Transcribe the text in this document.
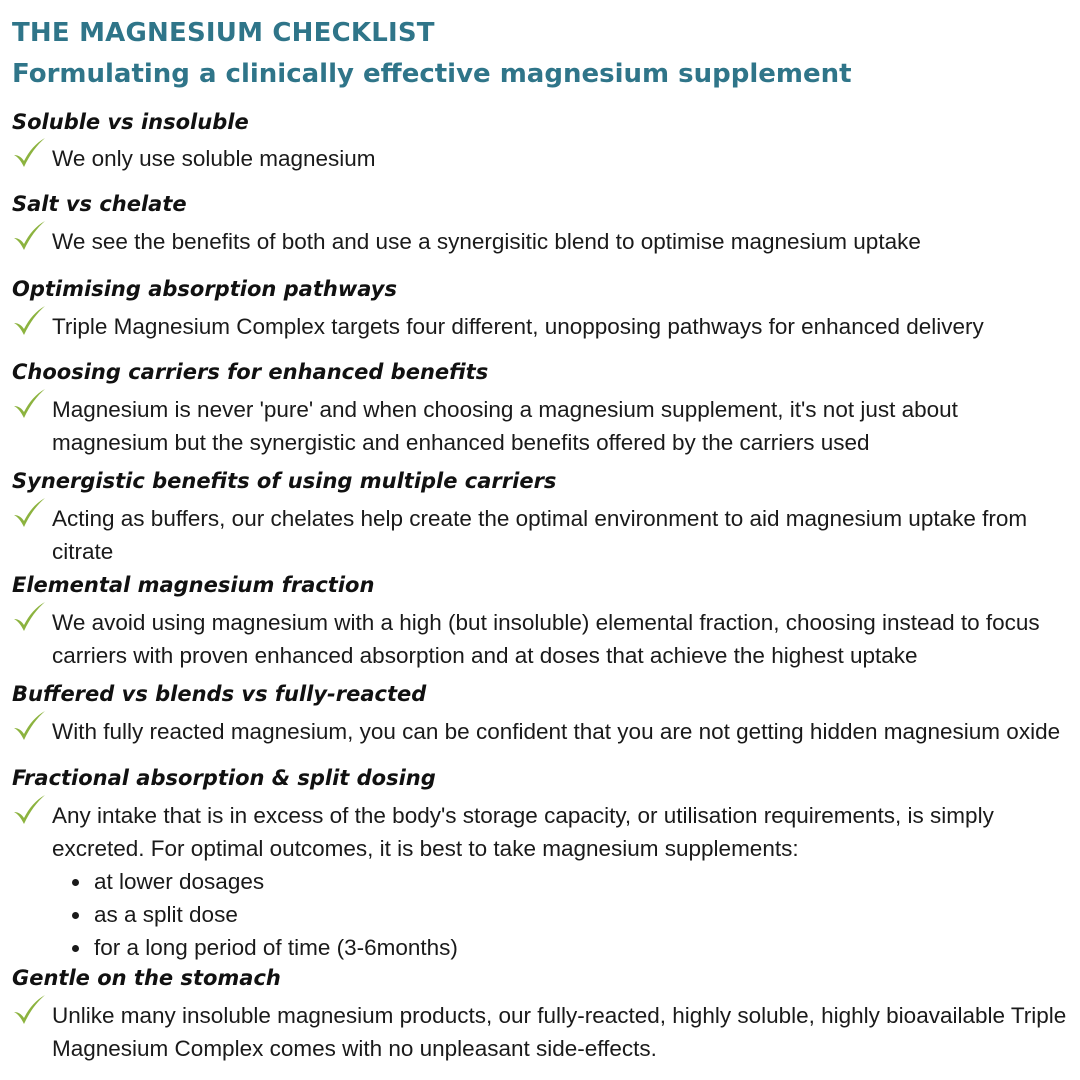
THE MAGNESIUM CHECKLIST
Formulating a clinically effective magnesium supplement
Soluble vs insoluble
We only use soluble magnesium
Salt vs chelate
We see the benefits of both and use a synergisitic blend to optimise magnesium uptake
Optimising absorption pathways
Triple Magnesium Complex targets four different, unopposing pathways for enhanced delivery
Choosing carriers for enhanced benefits
Magnesium is never 'pure' and when choosing a magnesium supplement, it's not just about magnesium but the synergistic and enhanced benefits offered by the carriers used
Synergistic benefits of using multiple carriers
Acting as buffers, our chelates help create the optimal environment to aid magnesium uptake from citrate
Elemental magnesium fraction
We avoid using magnesium with a high (but insoluble) elemental fraction, choosing instead to focus carriers with proven enhanced absorption and at doses that achieve the highest uptake
Buffered vs blends vs fully-reacted
With fully reacted magnesium, you can be confident that you are not getting hidden magnesium oxide
Fractional absorption & split dosing
Any intake that is in excess of the body's storage capacity, or utilisation requirements, is simply excreted. For optimal outcomes, it is best to take magnesium supplements:
• at lower dosages
• as a split dose
• for a long period of time (3-6months)
Gentle on the stomach
Unlike many insoluble magnesium products, our fully-reacted, highly soluble, highly bioavailable Triple Magnesium Complex comes with no unpleasant side-effects.
